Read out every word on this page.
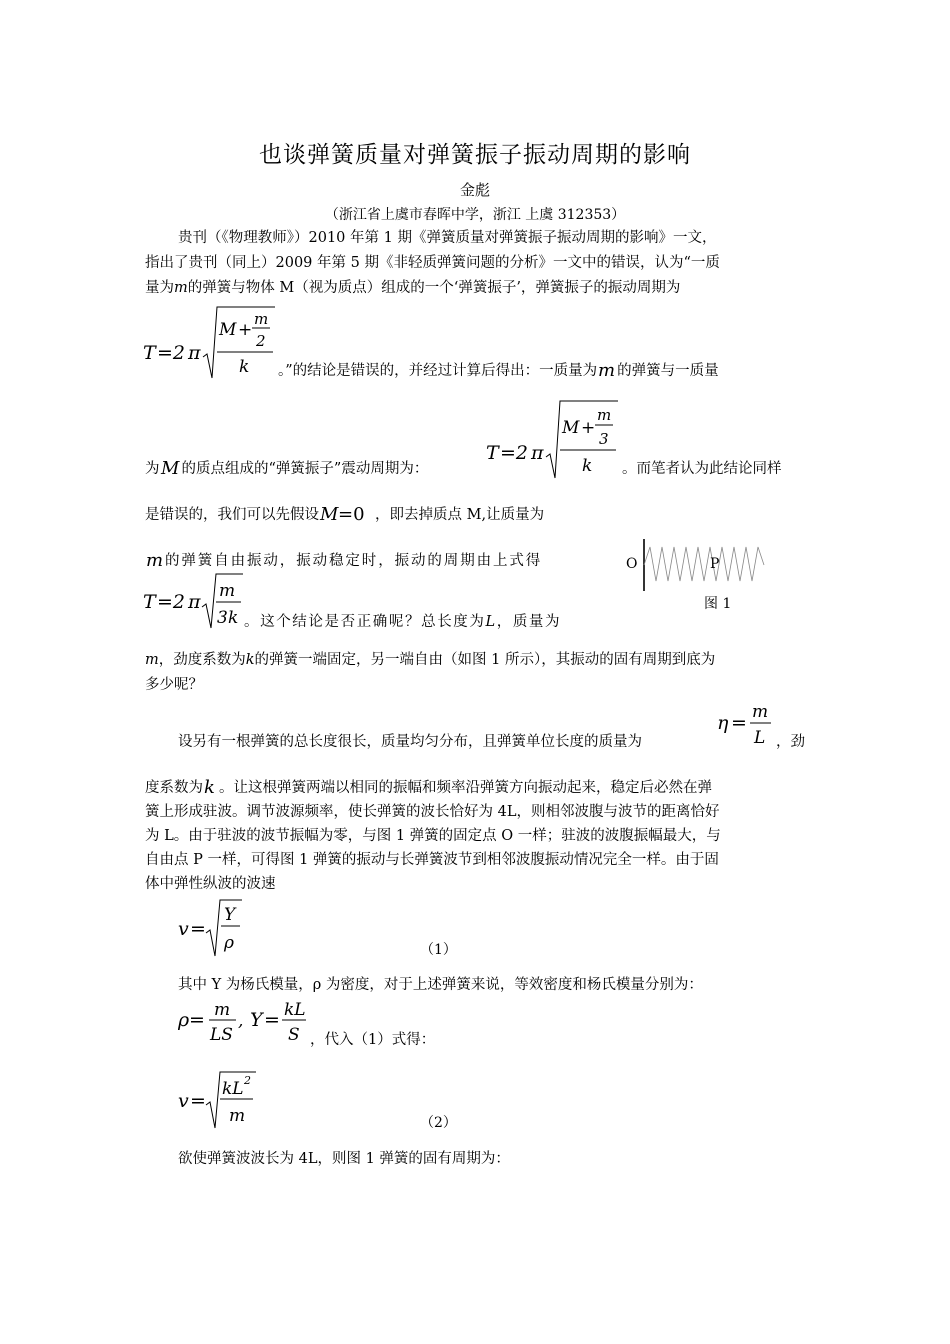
也谈弹簧质量对弹簧振子振动周期的影响
金彪
（浙江省上虞市春晖中学，浙江 上虞 312353）
贵刊（《物理教师》）2010 年第 1 期《弹簧质量对弹簧振子振动周期的影响》一文，
指出了贵刊（同上）2009 年第 5 期《非轻质弹簧问题的分析》一文中的错误，认为“一质
量为m的弹簧与物体 M（视为质点）组成的一个‘弹簧振子’，弹簧振子的振动周期为
T =2 π
M +
m
2
k 。”的结论是错误的，并经过计算后得出：一质量为 m 的弹簧与一质量
为 M 的质点组成的“弹簧振子”震动周期为：
T =2 π
M +
m
3
k 。而笔者认为此结论同样
是错误的，我们可以先假设 M =0 ，即去掉质点 M,让质量为
m 的弹簧自由振动，振动稳定时，振动的周期由上式得
T =2 π m
3 k 。这个结论是否正确呢？总长度为L，质量为
O	P
图 1
m，劲度系数为k的弹簧一端固定，另一端自由（如图 1 所示），其振动的固有周期到底为
多少呢？
设另有一根弹簧的总长度很长，质量均匀分布，且弹簧单位长度的质量为
η = m
L ，劲
度系数为 k 。让这根弹簧两端以相同的振幅和频率沿弹簧方向振动起来，稳定后必然在弹
簧上形成驻波。调节波源频率，使长弹簧的波长恰好为 4L，则相邻波腹与波节的距离恰好
为 L。由于驻波的波节振幅为零，与图 1 弹簧的固定点 O 一样；驻波的波腹振幅最大，与
自由点 P 一样，可得图 1 弹簧的振动与长弹簧波节到相邻波腹振动情况完全一样。由于固
体中弹性纵波的波速
v =
Y
ρ	（1）
其中 Y 为杨氏模量，ρ 为密度，对于上述弹簧来说，等效密度和杨氏模量分别为：
ρ = m
LS
, Y = kL
S ，代入（1）式得：
v =
kL 2
m	（2）
欲使弹簧波波长为 4L，则图 1 弹簧的固有周期为：
